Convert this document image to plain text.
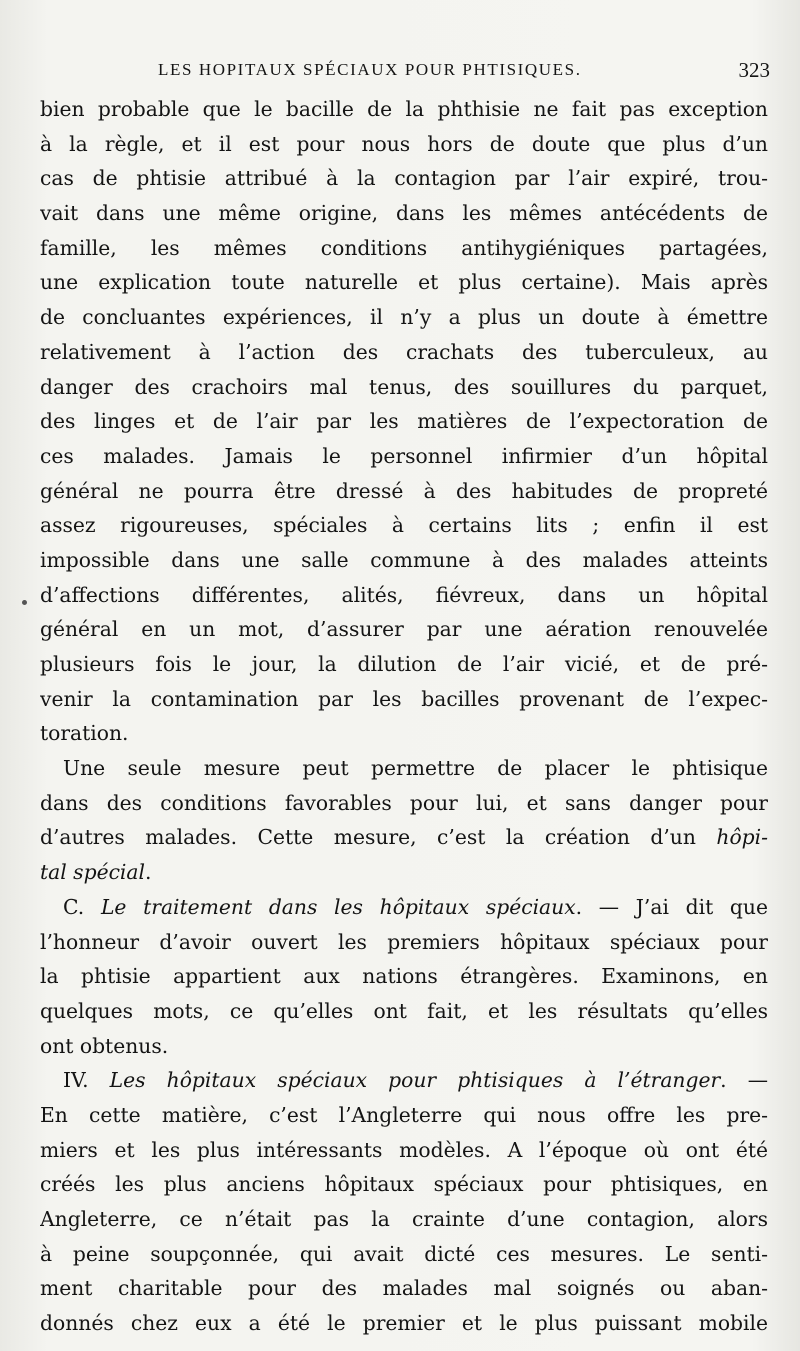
LES HOPITAUX SPÉCIAUX POUR PHTISIQUES.	323
bien probable que le bacille de la phthisie ne fait pas exception
à la règle, et il est pour nous hors de doute que plus d’un
cas de phtisie attribué à la contagion par l’air expiré, trou-
vait dans une même origine, dans les mêmes antécédents de
famille, les mêmes conditions antihygiéniques partagées,
une explication toute naturelle et plus certaine). Mais après
de concluantes expériences, il n’y a plus un doute à émettre
relativement à l’action des crachats des tuberculeux, au
danger des crachoirs mal tenus, des souillures du parquet,
des linges et de l’air par les matières de l’expectoration de
ces malades. Jamais le personnel infirmier d’un hôpital
général ne pourra être dressé à des habitudes de propreté
assez rigoureuses, spéciales à certains lits ; enfin il est
impossible dans une salle commune à des malades atteints
d’affections différentes, alités, fiévreux, dans un hôpital
général en un mot, d’assurer par une aération renouvelée
plusieurs fois le jour, la dilution de l’air vicié, et de pré-
venir la contamination par les bacilles provenant de l’expec-
toration.
Une seule mesure peut permettre de placer le phtisique
dans des conditions favorables pour lui, et sans danger pour
d’autres malades. Cette mesure, c’est la création d’un hôpi-
tal spécial.
C. Le traitement dans les hôpitaux spéciaux. — J’ai dit que
l’honneur d’avoir ouvert les premiers hôpitaux spéciaux pour
la phtisie appartient aux nations étrangères. Examinons, en
quelques mots, ce qu’elles ont fait, et les résultats qu’elles
ont obtenus.
IV. Les hôpitaux spéciaux pour phtisiques à l’étranger. —
En cette matière, c’est l’Angleterre qui nous offre les pre-
miers et les plus intéressants modèles. A l’époque où ont été
créés les plus anciens hôpitaux spéciaux pour phtisiques, en
Angleterre, ce n’était pas la crainte d’une contagion, alors
à peine soupçonnée, qui avait dicté ces mesures. Le senti-
ment charitable pour des malades mal soignés ou aban-
donnés chez eux a été le premier et le plus puissant mobile
